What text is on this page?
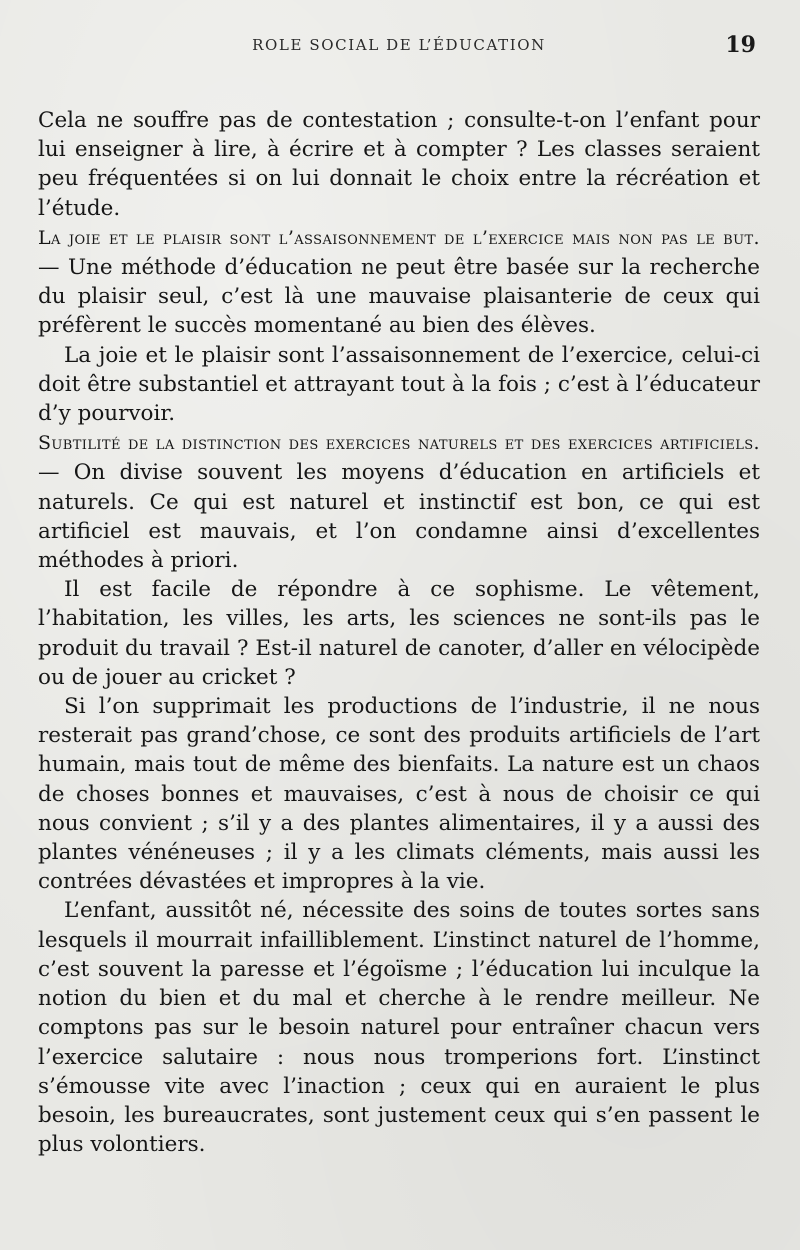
ROLE SOCIAL DE L’ÉDUCATION	19

Cela ne souffre pas de contestation ; consulte-t-on l’enfant pour lui enseigner à lire, à écrire et à compter ? Les classes seraient peu fréquentées si on lui donnait le choix entre la récréation et l’étude.

La joie et le plaisir sont l’assaisonnement de l’exercice mais non pas le but. — Une méthode d’éducation ne peut être basée sur la recherche du plaisir seul, c’est là une mauvaise plaisanterie de ceux qui préfèrent le succès momentané au bien des élèves.

La joie et le plaisir sont l’assaisonnement de l’exercice, celui-ci doit être substantiel et attrayant tout à la fois ; c’est à l’éducateur d’y pourvoir.

Subtilité de la distinction des exercices naturels et des exercices artificiels. — On divise souvent les moyens d’éducation en artificiels et naturels. Ce qui est naturel et instinctif est bon, ce qui est artificiel est mauvais, et l’on condamne ainsi d’excellentes méthodes à priori.

Il est facile de répondre à ce sophisme. Le vêtement, l’habitation, les villes, les arts, les sciences ne sont-ils pas le produit du travail ? Est-il naturel de canoter, d’aller en vélocipède ou de jouer au cricket ?

Si l’on supprimait les productions de l’industrie, il ne nous resterait pas grand’chose, ce sont des produits artificiels de l’art humain, mais tout de même des bienfaits. La nature est un chaos de choses bonnes et mauvaises, c’est à nous de choisir ce qui nous convient ; s’il y a des plantes alimentaires, il y a aussi des plantes vénéneuses ; il y a les climats cléments, mais aussi les contrées dévastées et impropres à la vie.

L’enfant, aussitôt né, nécessite des soins de toutes sortes sans lesquels il mourrait infailliblement. L’instinct naturel de l’homme, c’est souvent la paresse et l’égoïsme ; l’éducation lui inculque la notion du bien et du mal et cherche à le rendre meilleur. Ne comptons pas sur le besoin naturel pour entraîner chacun vers l’exercice salutaire : nous nous tromperions fort. L’instinct s’émousse vite avec l’inaction ; ceux qui en auraient le plus besoin, les bureaucrates, sont justement ceux qui s’en passent le plus volontiers.
